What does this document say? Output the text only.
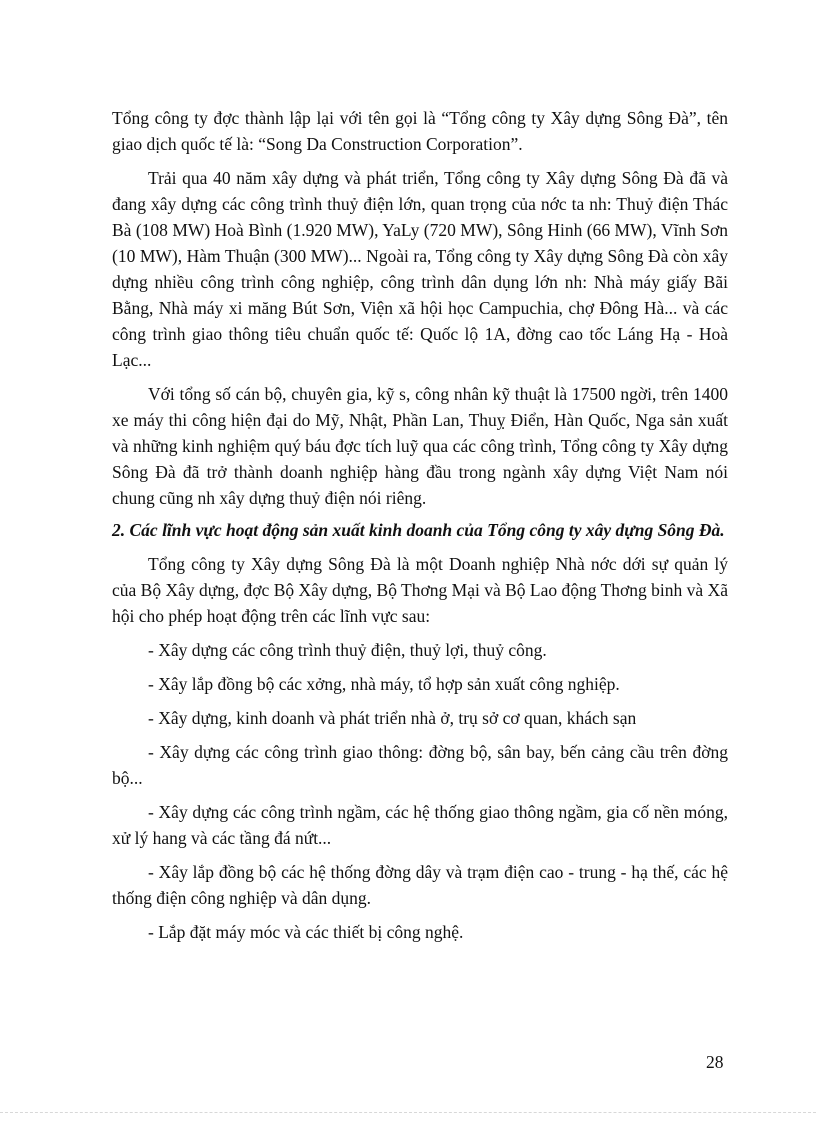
Tổng công ty đợc thành lập lại với tên gọi là “Tổng công ty Xây dựng Sông Đà”, tên giao dịch quốc tế là: “Song Da Construction Corporation”.

Trải qua 40 năm xây dựng và phát triển, Tổng công ty Xây dựng Sông Đà đã và đang xây dựng các công trình thuỷ điện lớn, quan trọng của nớc ta nh: Thuỷ điện Thác Bà (108 MW) Hoà Bình (1.920 MW), YaLy (720 MW), Sông Hinh (66 MW), Vĩnh Sơn (10 MW), Hàm Thuận (300 MW)... Ngoài ra, Tổng công ty Xây dựng Sông Đà còn xây dựng nhiều công trình công nghiệp, công trình dân dụng lớn nh: Nhà máy giấy Bãi Bằng, Nhà máy xi măng Bút Sơn, Viện xã hội học Campuchia, chợ Đông Hà... và các công trình giao thông tiêu chuẩn quốc tế: Quốc lộ 1A, đờng cao tốc Láng Hạ - Hoà Lạc...

Với tổng số cán bộ, chuyên gia, kỹ s, công nhân kỹ thuật là 17500 ngời, trên 1400 xe máy thi công hiện đại do Mỹ, Nhật, Phần Lan, Thuỵ Điển, Hàn Quốc, Nga sản xuất và những kinh nghiệm quý báu đợc tích luỹ qua các công trình, Tổng công ty Xây dựng Sông Đà đã trở thành doanh nghiệp hàng đầu trong ngành xây dựng Việt Nam nói chung cũng nh xây dựng thuỷ điện nói riêng.

2. Các lĩnh vực hoạt động sản xuất kinh doanh của Tổng công ty xây dựng Sông Đà.

Tổng công ty Xây dựng Sông Đà là một Doanh nghiệp Nhà nớc dới sự quản lý của Bộ Xây dựng, đợc Bộ Xây dựng, Bộ Thơng Mại và Bộ Lao động Thơng binh và Xã hội cho phép hoạt động trên các lĩnh vực sau:

- Xây dựng các công trình thuỷ điện, thuỷ lợi, thuỷ công.

- Xây lắp đồng bộ các xởng, nhà máy, tổ hợp sản xuất công nghiệp.

- Xây dựng, kinh doanh và phát triển nhà ở, trụ sở cơ quan, khách sạn

- Xây dựng các công trình giao thông: đờng bộ, sân bay, bến cảng cầu trên đờng bộ...

- Xây dựng các công trình ngầm, các hệ thống giao thông ngầm, gia cố nền móng, xử lý hang và các tầng đá nứt...

- Xây lắp đồng bộ các hệ thống đờng dây và trạm điện cao - trung - hạ thế, các hệ thống điện công nghiệp và dân dụng.

- Lắp đặt máy móc và các thiết bị công nghệ.

28
